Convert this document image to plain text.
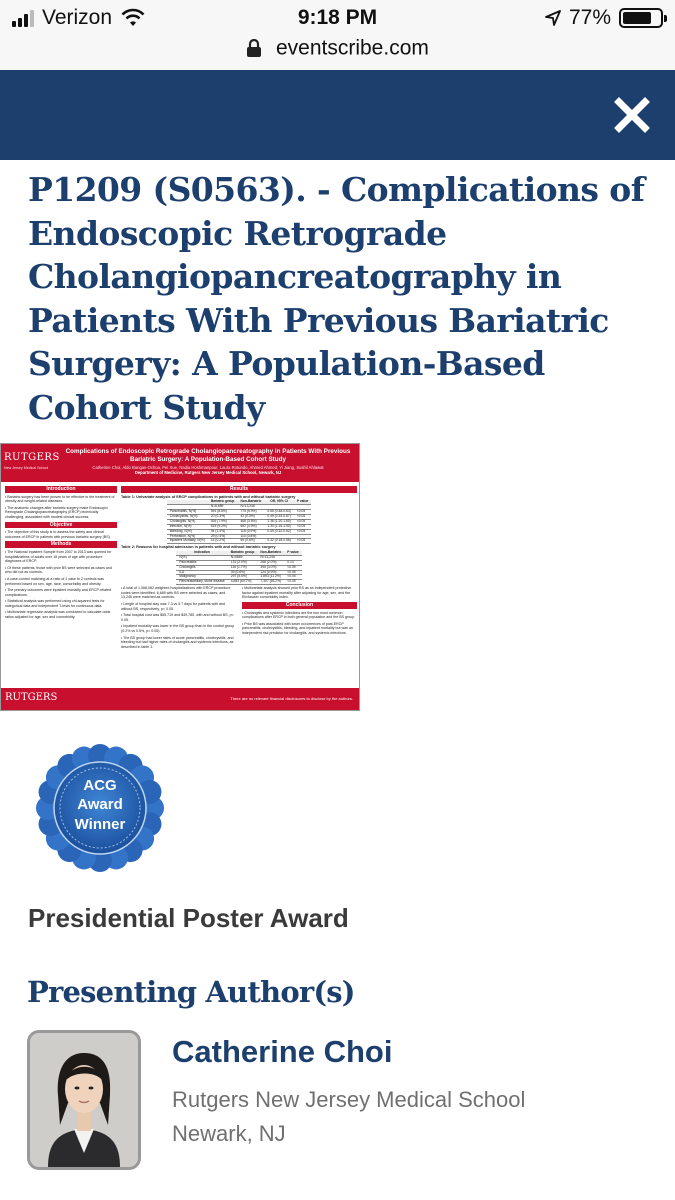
Verizon	9:18 PM	77%
eventscribe.com
P1209 (S0563). - Complications of Endoscopic Retrograde Cholangiopancreatography in Patients With Previous Bariatric Surgery: A Population-Based Cohort Study
RUTGERS
New Jersey Medical School
Complications of Endoscopic Retrograde Cholangiopancreatography in Patients With Previous Bariatric Surgery: A Population-Based Cohort Study
Catherine Choi, Aldo Bangas-Ochoa, Pei Xue, Nadia Hoshmanpour, Laura Rotundo, Ahmed Ahmed, Yi Jiang, Sushil Ahlawat
Department of Medicine, Rutgers New Jersey Medical School, Newark, NJ
Introduction

• Bariatric surgery has been proven to be effective in the treatment of obesity and weight-related diseases.

• The anatomic changes after bariatric surgery make Endoscopic Retrograde Cholangiopancreatography (ERCP) technically challenging, associated with modest clinical success.

Objective

• The objective of this study is to assess the safety and clinical outcomes of ERCP in patients with previous bariatric surgery (BS).

Methods

• The National Inpatient Sample from 2007 to 2013 was queried for hospitalizations of adults over 18 years of age with procedure diagnoses of ERCP.

• Of these patients, those with prior BS were selected as cases and who did not as controls.

• A case-control matching at a ratio of 1 case to 2 controls was performed based on sex, age, race, comorbidity and obesity.

• The primary outcomes were inpatient mortality and ERCP-related complications.

• Statistical analysis was performed using chi-squared tests for categorical data and independent T-tests for continuous data.

• Multivariate regression analysis was conducted to calculate odds ratios adjusted for age, sex and comorbidity.

Results
Table 1: Univariate analysis of ERCP complications in patients with and without bariatric surgery
	Bariatric group	Non-Bariatric	OR, 95% CI	P value
	N=6,689	N=13,246		
Pancreatitis, N(%)	591 (8.8%)	775 (5.9%)	0.55 (0.48-0.63)	<0.05
Cholecystitis, N(%)	20 (0.3%)	42 (0.3%)	0.49 (0.34-0.67)	<0.05
Cholangitis, N(%)	526 (7.9%)	466 (3.5%)	1.38 (1.20-1.60)	<0.05
Infection, N(%)	615 (9.2%)	652 (4.9%)	1.33 (1.16-1.50)	<0.05
Bleeding, N(%)	94 (1.4%)	116 (0.9%)	0.49 (0.32-0.62)	<0.05
Perforation, N(%)	29 (0.4%)	110 (0.8%)		
Inpatient Mortality, N(%)	14 (0.2%)	69 (0.5%)	0.32 (0.18-0.58)	<0.05
Table 2: Reasons for hospital admission in patients with and without bariatric surgery
Indication	Bariatric group	Non-Bariatric	P value
N(%)	N=6689	N=13,246	
Pancreatitis	131 (2.0%)	268 (2.0%)	0.14
Cholangitis	116 (1.7%)	395 (3.0%)	<0.05
ILD	39 (0.6%)	124 (0.9%)	<0.05
Malignancy	297 (5.5%)	1,893 (11.2%)	<0.05
Pancreatobiliary, stone disease	4,883 (60.7%)	7,307 (55.2%)	<0.05

• A total of 1,068,082 weighted hospitalizations with ERCP procedure codes were identified. 6,689 with BS were selected as cases, and 13,246 were matched as controls.

• Length of hospital stay was 7.3 vs 5.7 days for patients with and without BS, respectively, p< 0.05.

• Total hospital cost was $55,719 and $49,785, with and without BS, p< 0.05.

• Inpatient mortality was lower in the BS group than in the control group (0.2% vs 0.5%, p< 0.05).

• The BS group had lower rates of acute pancreatitis, cholecystitis, and bleeding but had higher rates of cholangitis and systemic infections, as described in table 1.

• Multivariate analysis showed prior BS as an independent protective factor against inpatient mortality after adjusting for age, sex, and the Elixhauser comorbidity index.

Conclusion

• Cholangitis and systemic infections are the two most common complications after ERCP in both general population and the BS group.

• Prior BS was associated with lower occurrences of post-ERCP pancreatitis, cholecystitis, bleeding, and inpatient mortality but was an independent risk predictor for cholangitis, and systemic infections.

RUTGERS	There are no relevant financial disclosures to disclose by the authors.
ACG
Award
Winner

Presidential Poster Award

Presenting Author(s)

Catherine Choi

Rutgers New Jersey Medical School
Newark, NJ
